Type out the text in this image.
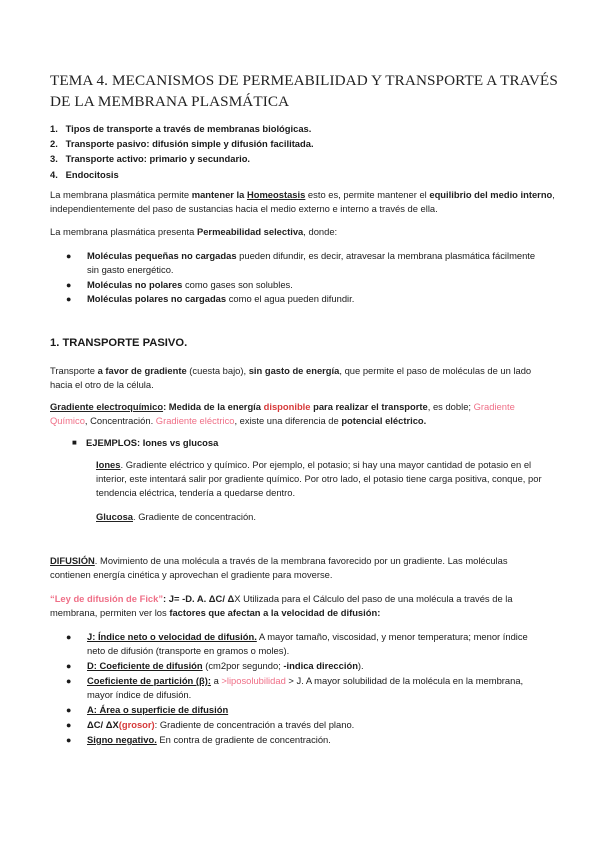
TEMA 4. MECANISMOS DE PERMEABILIDAD Y TRANSPORTE A TRAVÉS DE LA MEMBRANA PLASMÁTICA
1. Tipos de transporte a través de membranas biológicas.
2. Transporte pasivo: difusión simple y difusión facilitada.
3. Transporte activo: primario y secundario.
4. Endocitosis
La membrana plasmática permite mantener la Homeostasis esto es, permite mantener el equilibrio del medio interno, independientemente del paso de sustancias hacia el medio externo e interno a través de ella.
La membrana plasmática presenta Permeabilidad selectiva, donde:
● Moléculas pequeñas no cargadas pueden difundir, es decir, atravesar la membrana plasmática fácilmente sin gasto energético.
● Moléculas no polares como gases son solubles.
● Moléculas polares no cargadas como el agua pueden difundir.
1. TRANSPORTE PASIVO.
Transporte a favor de gradiente (cuesta bajo), sin gasto de energía, que permite el paso de moléculas de un lado hacia el otro de la célula.
Gradiente electroquímico: Medida de la energía disponible para realizar el transporte, es doble; Gradiente Químico, Concentración. Gradiente eléctrico, existe una diferencia de potencial eléctrico.
■ EJEMPLOS: Iones vs glucosa
Iones. Gradiente eléctrico y químico. Por ejemplo, el potasio; si hay una mayor cantidad de potasio en el interior, este intentará salir por gradiente químico. Por otro lado, el potasio tiene carga positiva, conque, por tendencia eléctrica, tendería a quedarse dentro.
Glucosa. Gradiente de concentración.
DIFUSIÓN. Movimiento de una molécula a través de la membrana favorecido por un gradiente. Las moléculas contienen energía cinética y aprovechan el gradiente para moverse.
“Ley de difusión de Fick”: J= -D. A. ΔC/ ΔX Utilizada para el Cálculo del paso de una molécula a través de la membrana, permiten ver los factores que afectan a la velocidad de difusión:
● J: Índice neto o velocidad de difusión. A mayor tamaño, viscosidad, y menor temperatura; menor índice neto de difusión (transporte en gramos o moles).
● D: Coeficiente de difusión (cm2por segundo; -indica dirección).
● Coeficiente de partición (β): a >liposolubilidad > J. A mayor solubilidad de la molécula en la membrana, mayor índice de difusión.
● A: Área o superficie de difusión
● ΔC/ ΔX(grosor): Gradiente de concentración a través del plano.
● Signo negativo. En contra de gradiente de concentración.
